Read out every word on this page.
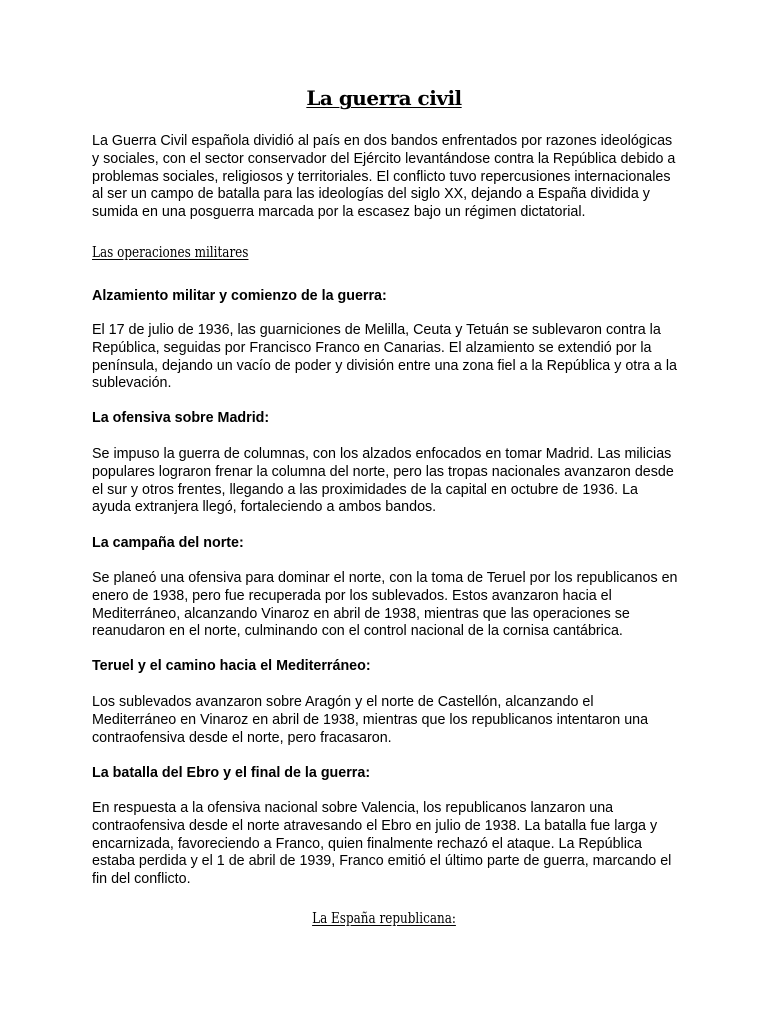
La guerra civil
La Guerra Civil española dividió al país en dos bandos enfrentados por razones ideológicas
y sociales, con el sector conservador del Ejército levantándose contra la República debido a
problemas sociales, religiosos y territoriales. El conflicto tuvo repercusiones internacionales
al ser un campo de batalla para las ideologías del siglo XX, dejando a España dividida y
sumida en una posguerra marcada por la escasez bajo un régimen dictatorial.
Las operaciones militares
Alzamiento militar y comienzo de la guerra:
El 17 de julio de 1936, las guarniciones de Melilla, Ceuta y Tetuán se sublevaron contra la
República, seguidas por Francisco Franco en Canarias. El alzamiento se extendió por la
península, dejando un vacío de poder y división entre una zona fiel a la República y otra a la
sublevación.
La ofensiva sobre Madrid:
Se impuso la guerra de columnas, con los alzados enfocados en tomar Madrid. Las milicias
populares lograron frenar la columna del norte, pero las tropas nacionales avanzaron desde
el sur y otros frentes, llegando a las proximidades de la capital en octubre de 1936. La
ayuda extranjera llegó, fortaleciendo a ambos bandos.
La campaña del norte:
Se planeó una ofensiva para dominar el norte, con la toma de Teruel por los republicanos en
enero de 1938, pero fue recuperada por los sublevados. Estos avanzaron hacia el
Mediterráneo, alcanzando Vinaroz en abril de 1938, mientras que las operaciones se
reanudaron en el norte, culminando con el control nacional de la cornisa cantábrica.
Teruel y el camino hacia el Mediterráneo:
Los sublevados avanzaron sobre Aragón y el norte de Castellón, alcanzando el
Mediterráneo en Vinaroz en abril de 1938, mientras que los republicanos intentaron una
contraofensiva desde el norte, pero fracasaron.
La batalla del Ebro y el final de la guerra:
En respuesta a la ofensiva nacional sobre Valencia, los republicanos lanzaron una
contraofensiva desde el norte atravesando el Ebro en julio de 1938. La batalla fue larga y
encarnizada, favoreciendo a Franco, quien finalmente rechazó el ataque. La República
estaba perdida y el 1 de abril de 1939, Franco emitió el último parte de guerra, marcando el
fin del conflicto.
La España republicana:
